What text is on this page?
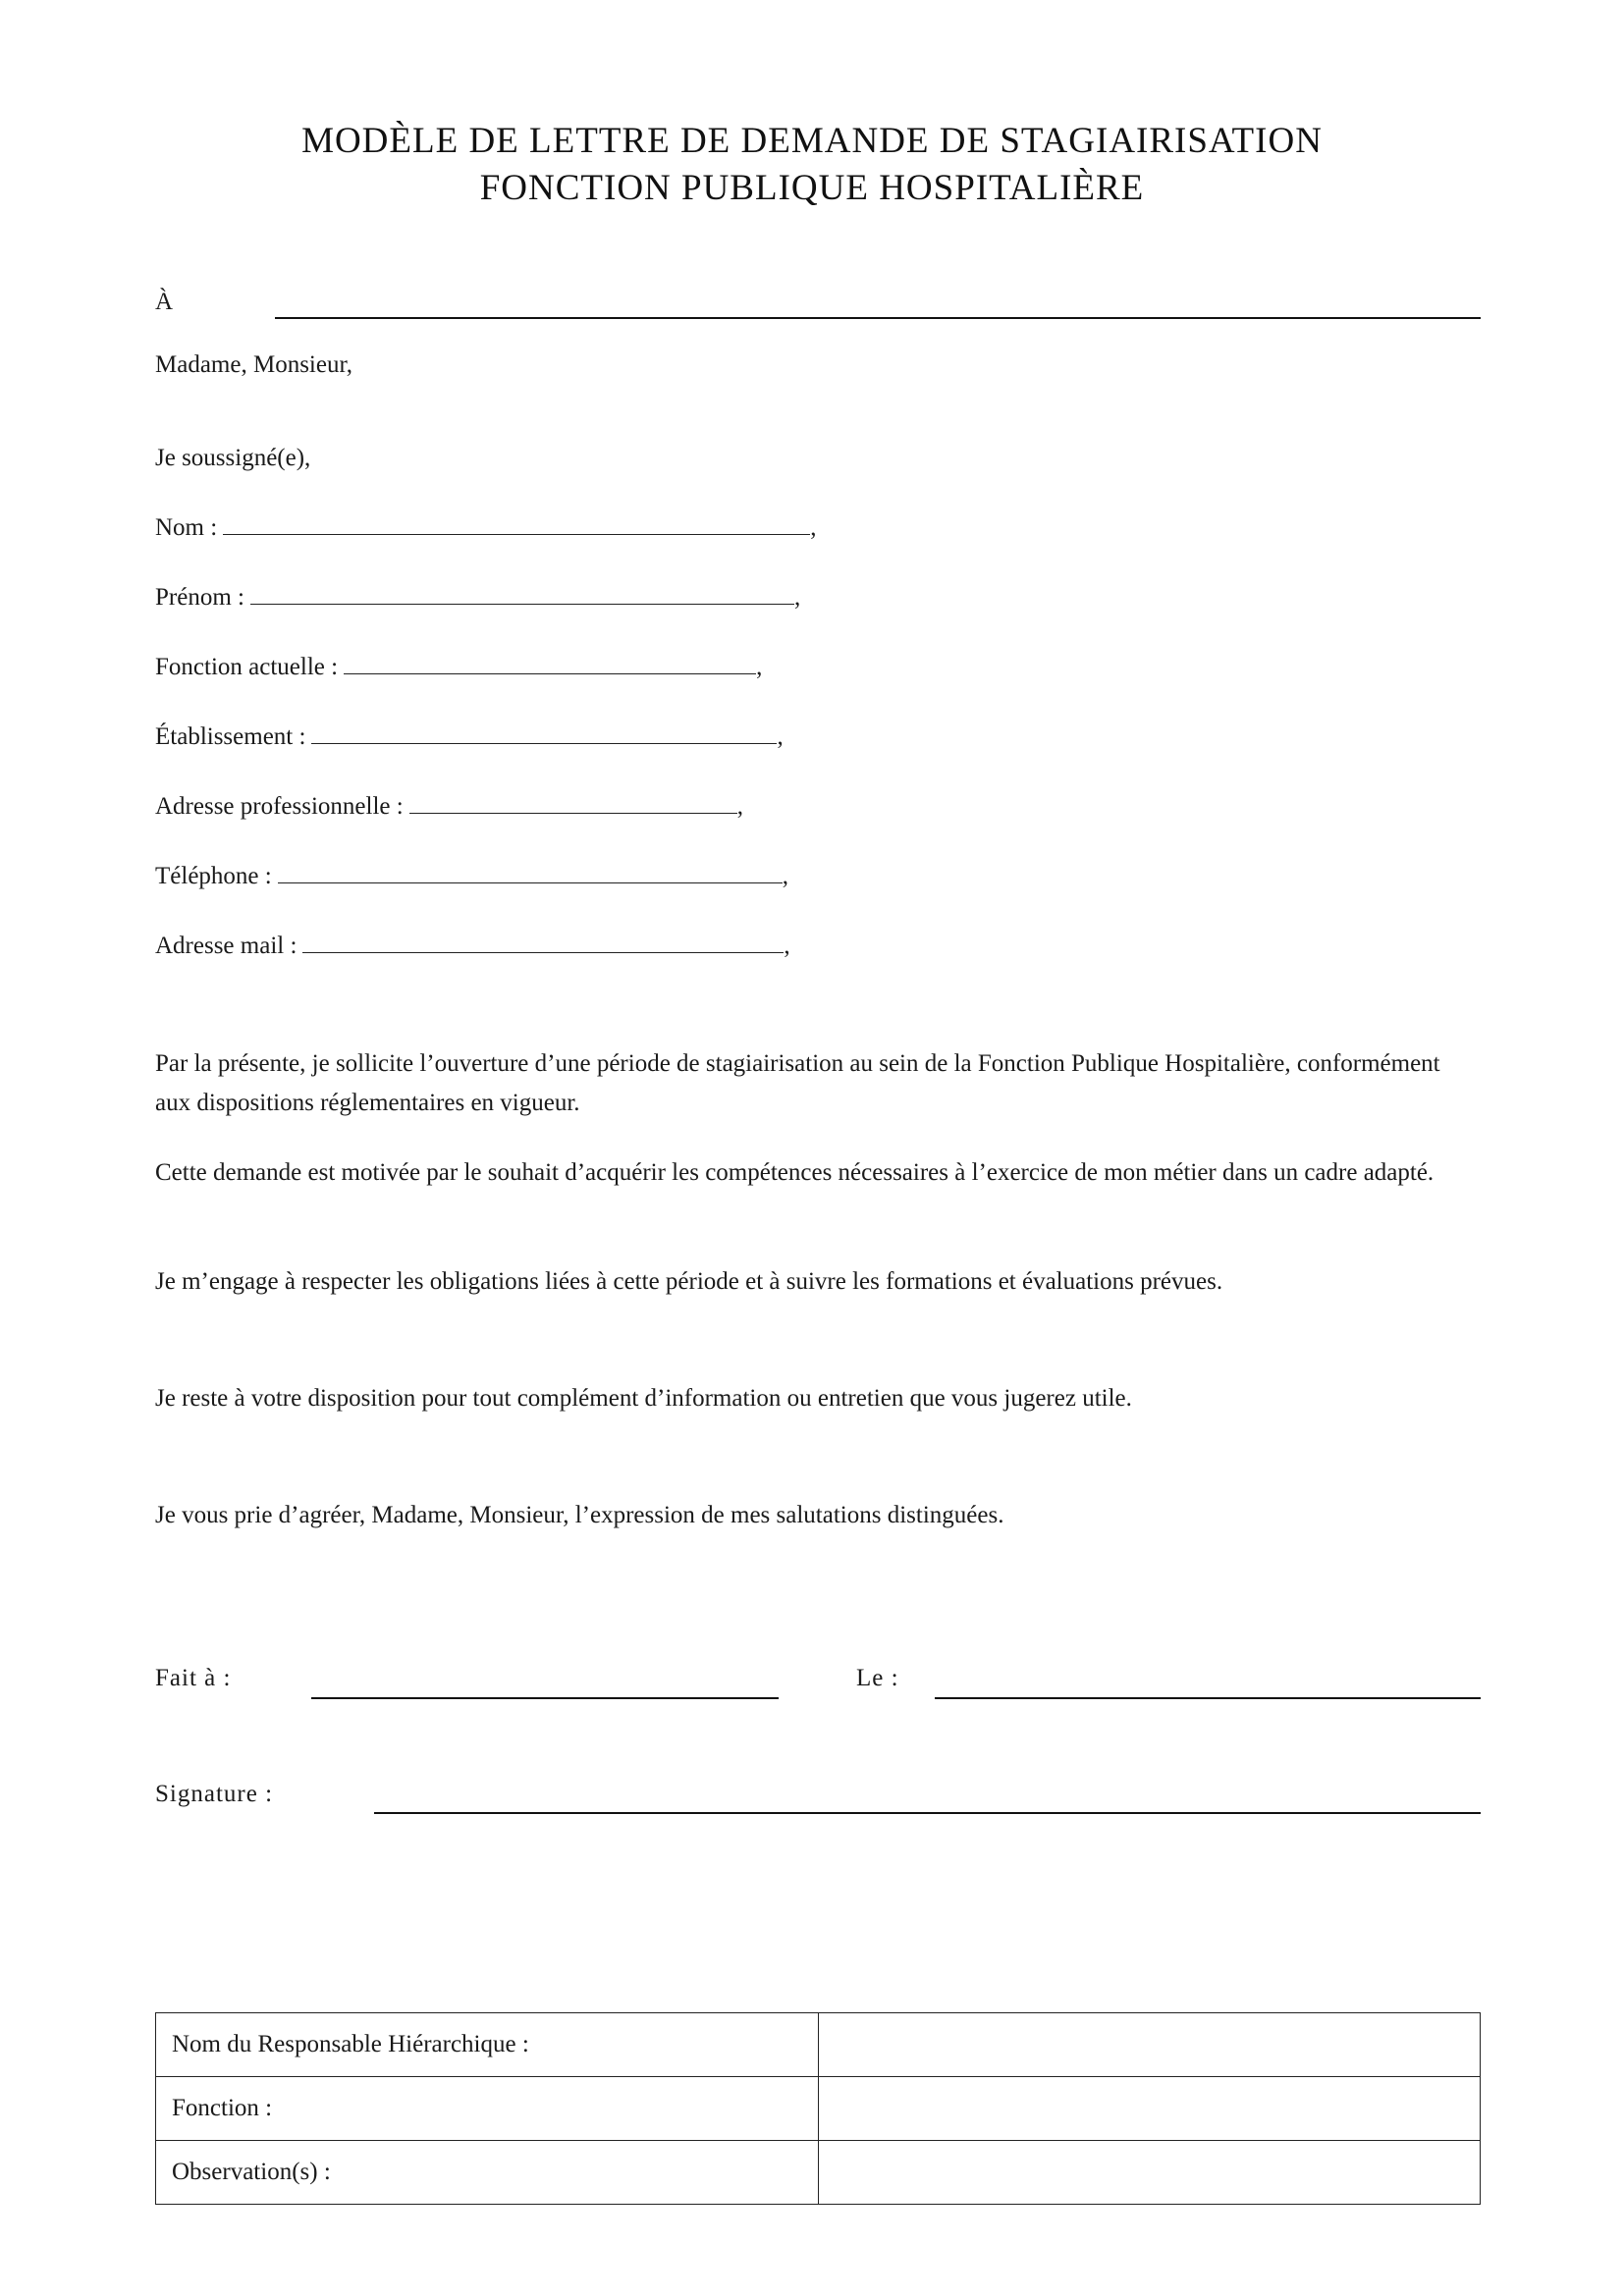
MODÈLE DE LETTRE DE DEMANDE DE STAGIAIRISATION
FONCTION PUBLIQUE HOSPITALIÈRE
À
Madame, Monsieur,
Je soussigné(e),
Nom :	,
Prénom :	,
Fonction actuelle :	,
Établissement :	,
Adresse professionnelle :	,
Téléphone :	,
Adresse mail :	,
Par la présente, je sollicite l’ouverture d’une période de stagiairisation au sein de la Fonction Publique Hospitalière, conformément aux dispositions réglementaires en vigueur.
Cette demande est motivée par le souhait d’acquérir les compétences nécessaires à l’exercice de mon métier dans un cadre adapté.
Je m’engage à respecter les obligations liées à cette période et à suivre les formations et évaluations prévues.
Je reste à votre disposition pour tout complément d’information ou entretien que vous jugerez utile.
Je vous prie d’agréer, Madame, Monsieur, l’expression de mes salutations distinguées.
Fait à :	Le :
Signature :
Nom du Responsable Hiérarchique :	
Fonction :	
Observation(s) :	
